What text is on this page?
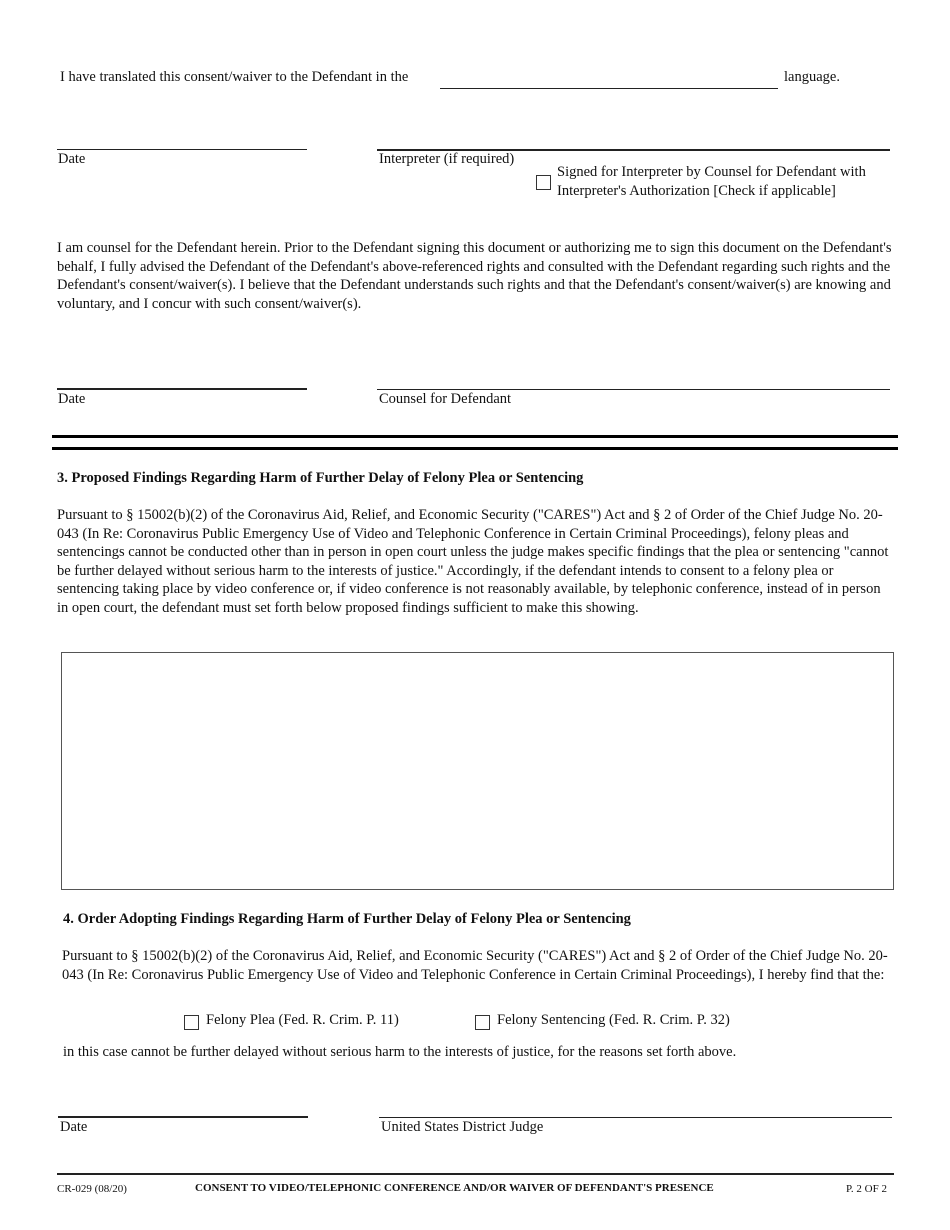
I have translated this consent/waiver to the Defendant in the	language.
Date	Interpreter (if required)
Signed for Interpreter by Counsel for Defendant with
Interpreter's Authorization [Check if applicable]
I am counsel for the Defendant herein. Prior to the Defendant signing this document or authorizing me to sign this document on the Defendant's behalf, I fully advised the Defendant of the Defendant's above-referenced rights and consulted with the Defendant regarding such rights and the Defendant's consent/waiver(s). I believe that the Defendant understands such rights and that the Defendant's consent/waiver(s) are knowing and voluntary, and I concur with such consent/waiver(s).
Date	Counsel for Defendant
3. Proposed Findings Regarding Harm of Further Delay of Felony Plea or Sentencing
Pursuant to § 15002(b)(2) of the Coronavirus Aid, Relief, and Economic Security ("CARES") Act and § 2 of Order of the Chief Judge No. 20-043 (In Re: Coronavirus Public Emergency Use of Video and Telephonic Conference in Certain Criminal Proceedings), felony pleas and sentencings cannot be conducted other than in person in open court unless the judge makes specific findings that the plea or sentencing "cannot be further delayed without serious harm to the interests of justice." Accordingly, if the defendant intends to consent to a felony plea or sentencing taking place by video conference or, if video conference is not reasonably available, by telephonic conference, instead of in person in open court, the defendant must set forth below proposed findings sufficient to make this showing.
4. Order Adopting Findings Regarding Harm of Further Delay of Felony Plea or Sentencing
Pursuant to § 15002(b)(2) of the Coronavirus Aid, Relief, and Economic Security ("CARES") Act and § 2 of Order of the Chief Judge No. 20-043 (In Re: Coronavirus Public Emergency Use of Video and Telephonic Conference in Certain Criminal Proceedings), I hereby find that the:
Felony Plea (Fed. R. Crim. P. 11)	Felony Sentencing (Fed. R. Crim. P. 32)
in this case cannot be further delayed without serious harm to the interests of justice, for the reasons set forth above.
Date	United States District Judge
CR-029 (08/20)	CONSENT TO VIDEO/TELEPHONIC CONFERENCE AND/OR WAIVER OF DEFENDANT'S PRESENCE	P. 2 OF 2
